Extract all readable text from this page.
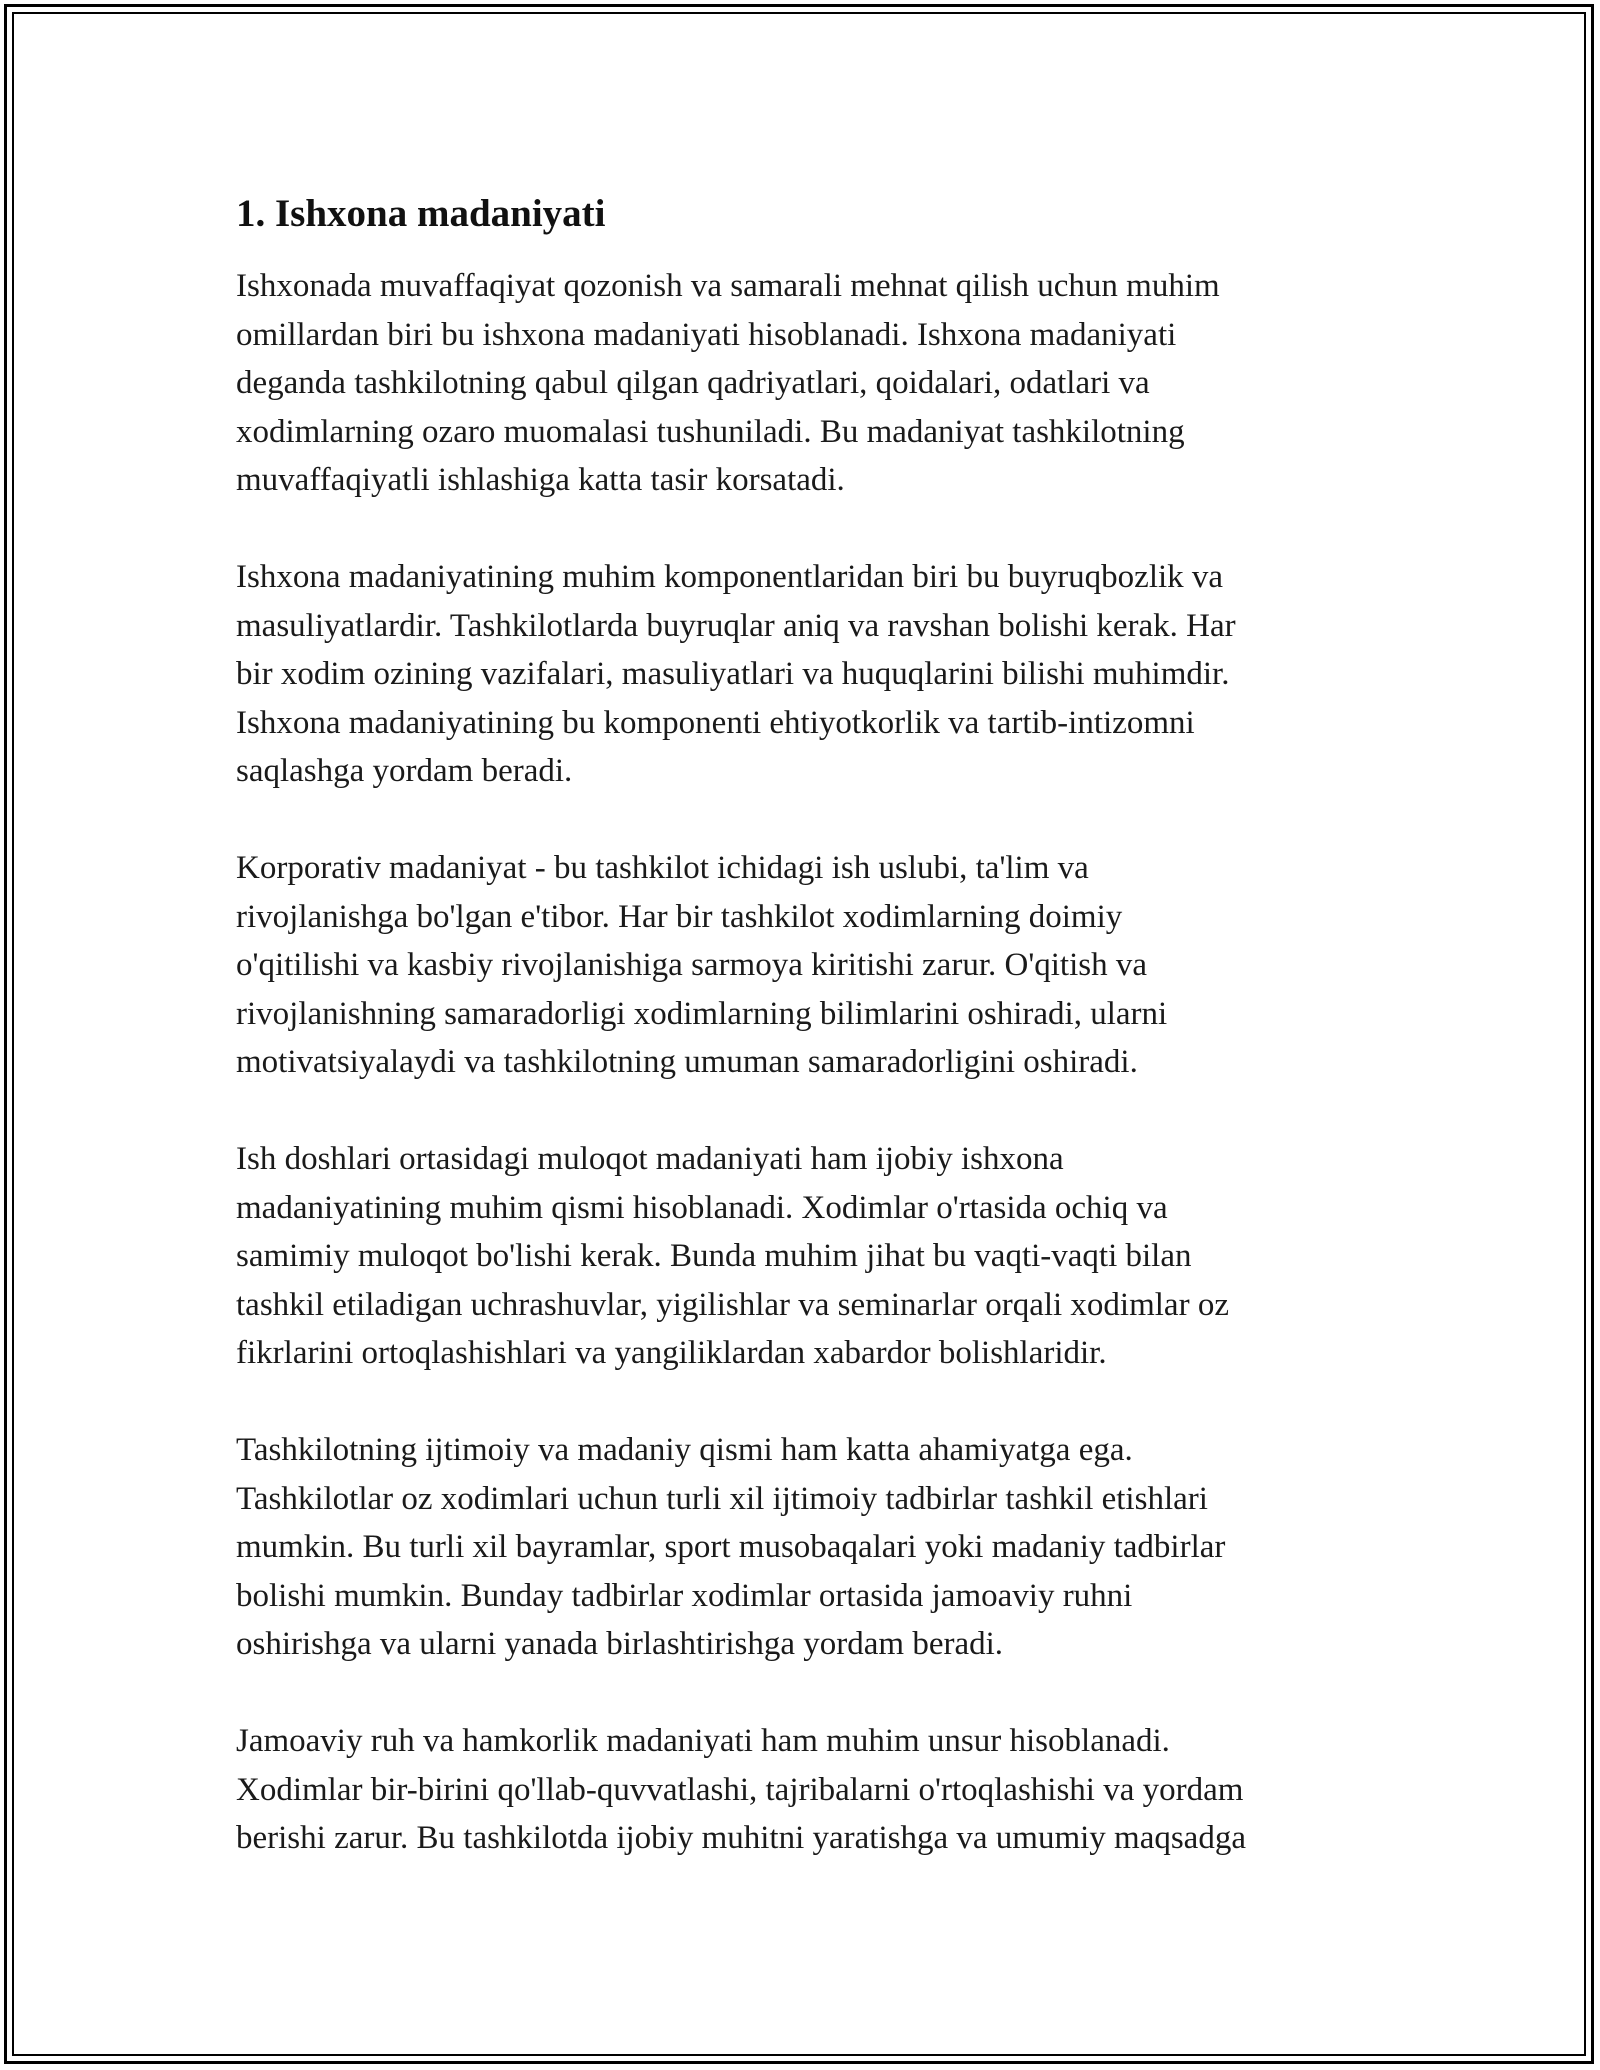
1. Ishxona madaniyati

Ishxonada muvaffaqiyat qozonish va samarali mehnat qilish uchun muhim
omillardan biri bu ishxona madaniyati hisoblanadi. Ishxona madaniyati
deganda tashkilotning qabul qilgan qadriyatlari, qoidalari, odatlari va
xodimlarning ozaro muomalasi tushuniladi. Bu madaniyat tashkilotning
muvaffaqiyatli ishlashiga katta tasir korsatadi.

Ishxona madaniyatining muhim komponentlaridan biri bu buyruqbozlik va
masuliyatlardir. Tashkilotlarda buyruqlar aniq va ravshan bolishi kerak. Har
bir xodim ozining vazifalari, masuliyatlari va huquqlarini bilishi muhimdir.
Ishxona madaniyatining bu komponenti ehtiyotkorlik va tartib-intizomni
saqlashga yordam beradi.

Korporativ madaniyat - bu tashkilot ichidagi ish uslubi, ta'lim va
rivojlanishga bo'lgan e'tibor. Har bir tashkilot xodimlarning doimiy
o'qitilishi va kasbiy rivojlanishiga sarmoya kiritishi zarur. O'qitish va
rivojlanishning samaradorligi xodimlarning bilimlarini oshiradi, ularni
motivatsiyalaydi va tashkilotning umuman samaradorligini oshiradi.

Ish doshlari ortasidagi muloqot madaniyati ham ijobiy ishxona
madaniyatining muhim qismi hisoblanadi. Xodimlar o'rtasida ochiq va
samimiy muloqot bo'lishi kerak. Bunda muhim jihat bu vaqti-vaqti bilan
tashkil etiladigan uchrashuvlar, yigilishlar va seminarlar orqali xodimlar oz
fikrlarini ortoqlashishlari va yangiliklardan xabardor bolishlaridir.

Tashkilotning ijtimoiy va madaniy qismi ham katta ahamiyatga ega.
Tashkilotlar oz xodimlari uchun turli xil ijtimoiy tadbirlar tashkil etishlari
mumkin. Bu turli xil bayramlar, sport musobaqalari yoki madaniy tadbirlar
bolishi mumkin. Bunday tadbirlar xodimlar ortasida jamoaviy ruhni
oshirishga va ularni yanada birlashtirishga yordam beradi.

Jamoaviy ruh va hamkorlik madaniyati ham muhim unsur hisoblanadi.
Xodimlar bir-birini qo'llab-quvvatlashi, tajribalarni o'rtoqlashishi va yordam
berishi zarur. Bu tashkilotda ijobiy muhitni yaratishga va umumiy maqsadga
